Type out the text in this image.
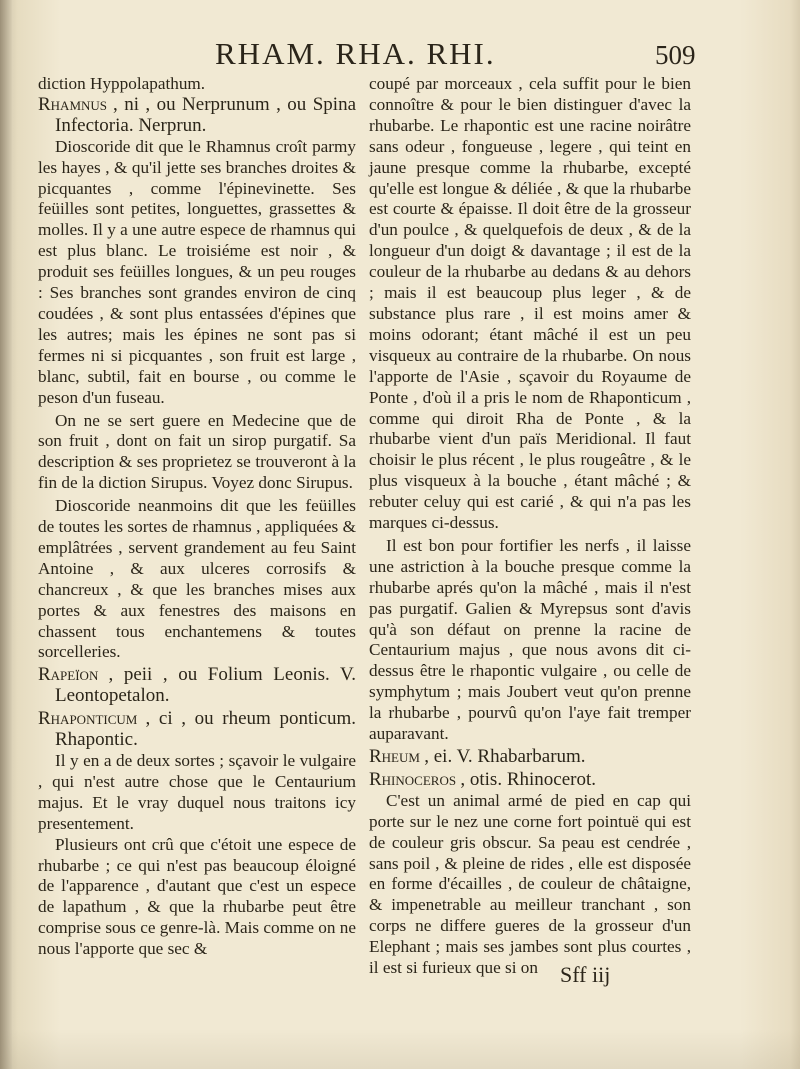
RHAM. RHA. RHI.	509

diction Hyppolapathum.

Rhamnus , ni , ou Nerprunum , ou Spina Infectoria. Nerprun.

Dioscoride dit que le Rhamnus croît parmy les hayes , & qu'il jette ses branches droites & picquantes , comme l'épinevinette. Ses feüilles sont petites, longuettes, grassettes & molles. Il y a une autre espece de rhamnus qui est plus blanc. Le troisiéme est noir , & produit ses feüilles longues, & un peu rouges : Ses branches sont grandes environ de cinq coudées , & sont plus entassées d'épines que les autres; mais les épines ne sont pas si fermes ni si picquantes , son fruit est large , blanc, subtil, fait en bourse , ou comme le peson d'un fuseau.

On ne se sert guere en Medecine que de son fruit , dont on fait un sirop purgatif. Sa description & ses proprietez se trouveront à la fin de la diction Sirupus. Voyez donc Sirupus.

Dioscoride neanmoins dit que les feüilles de toutes les sortes de rhamnus , appliquées & emplâtrées , servent grandement au feu Saint Antoine , & aux ulceres corrosifs & chancreux , & que les branches mises aux portes & aux fenestres des maisons en chassent tous enchantemens & toutes sorcelleries.

Rapeïon , peii , ou Folium Leonis. V. Leontopetalon.

Rhaponticum , ci , ou rheum ponticum. Rhapontic.

Il y en a de deux sortes ; sçavoir le vulgaire , qui n'est autre chose que le Centaurium majus. Et le vray duquel nous traitons icy presentement.

Plusieurs ont crû que c'étoit une espece de rhubarbe ; ce qui n'est pas beaucoup éloigné de l'apparence , d'autant que c'est un espece de lapathum , & que la rhubarbe peut être comprise sous ce genre-là. Mais comme on ne nous l'apporte que sec &

coupé par morceaux , cela suffit pour le bien connoître & pour le bien distinguer d'avec la rhubarbe. Le rhapontic est une racine noirâtre sans odeur , fongueuse , legere , qui teint en jaune presque comme la rhubarbe, excepté qu'elle est longue & déliée , & que la rhubarbe est courte & épaisse. Il doit être de la grosseur d'un poulce , & quelquefois de deux , & de la longueur d'un doigt & davantage ; il est de la couleur de la rhubarbe au dedans & au dehors ; mais il est beaucoup plus leger , & de substance plus rare , il est moins amer & moins odorant; étant mâché il est un peu visqueux au contraire de la rhubarbe. On nous l'apporte de l'Asie , sçavoir du Royaume de Ponte , d'où il a pris le nom de Rhaponticum , comme qui diroit Rha de Ponte , & la rhubarbe vient d'un païs Meridional. Il faut choisir le plus récent , le plus rougeâtre , & le plus visqueux à la bouche , étant mâché ; & rebuter celuy qui est carié , & qui n'a pas les marques ci-dessus.

Il est bon pour fortifier les nerfs , il laisse une astriction à la bouche presque comme la rhubarbe aprés qu'on la mâché , mais il n'est pas purgatif. Galien & Myrepsus sont d'avis qu'à son défaut on prenne la racine de Centaurium majus , que nous avons dit ci-dessus être le rhapontic vulgaire , ou celle de symphytum ; mais Joubert veut qu'on prenne la rhubarbe , pourvû qu'on l'aye fait tremper auparavant.

Rheum , ei. V. Rhabarbarum.

Rhinoceros , otis. Rhinocerot.

C'est un animal armé de pied en cap qui porte sur le nez une corne fort pointuë qui est de couleur gris obscur. Sa peau est cendrée , sans poil , & pleine de rides , elle est disposée en forme d'écailles , de couleur de châtaigne, & impenetrable au meilleur tranchant , son corps ne differe gueres de la grosseur d'un Elephant ; mais ses jambes sont plus courtes , il est si furieux que si on	Sff iij
